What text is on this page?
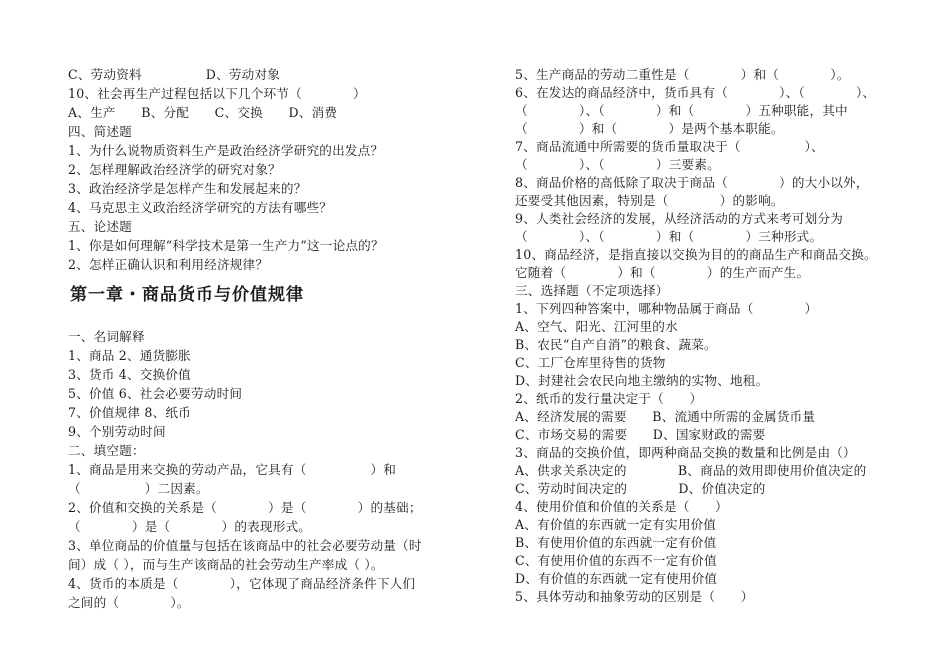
C、劳动资料　　　　　D、劳动对象
10、社会再生产过程包括以下几个环节（　　　　）
A、生产　　B、分配　　C、交换　　D、消费
四、简述题
1、为什么说物质资料生产是政治经济学研究的出发点？
2、怎样理解政治经济学的研究对象？
3、政治经济学是怎样产生和发展起来的？
4、马克思主义政治经济学研究的方法有哪些？
五、论述题
1、你是如何理解“科学技术是第一生产力”这一论点的？
2、怎样正确认识和利用经济规律？
一、名词解释
1、商品 2、通货膨胀
3、货币 4、交换价值
5、价值 6、社会必要劳动时间
7、价值规律 8、纸币
9、个别劳动时间
二、填空题：
1、商品是用来交换的劳动产品，它具有（　　　　　）和
（　　　　　）二因素。
2、价值和交换的关系是（　　　　）是（　　　　）的基础；
（　　　　）是（　　　　）的表现形式。
3、单位商品的价值量与包括在该商品中的社会必要劳动量（时
间）成（ ），而与生产该商品的社会劳动生产率成（ ）。
4、货币的本质是（　　　　），它体现了商品经济条件下人们
之间的（　　　　）。
第一章・商品货币与价值规律
5、生产商品的劳动二重性是（　　　　）和（　　　　）。
6、在发达的商品经济中，货币具有（　　　　）、（　　　　）、
（　　　　）、（　　　　）和（　　　　）五种职能，其中
（　　　　）和（　　　　）是两个基本职能。
7、商品流通中所需要的货币量取决于（　　　　　）、
（　　　　）、（　　　　）三要素。
8、商品价格的高低除了取决于商品（　　　　）的大小以外，
还要受其他因素，特别是（　　　　）的影响。
9、人类社会经济的发展，从经济活动的方式来考可划分为
（　　　　）、（　　　　）和（　　　　）三种形式。
10、商品经济，是指直接以交换为目的的商品生产和商品交换。
它随着（　　　　）和（　　　　）的生产而产生。
三、选择题（不定项选择）
1、下列四种答案中，哪种物品属于商品（　　　　）
A、空气、阳光、江河里的水
B、农民“自产自消”的粮食、蔬菜。
C、工厂仓库里待售的货物
D、封建社会农民向地主缴纳的实物、地租。
2、纸币的发行量决定于（　　）
A、经济发展的需要　　B、流通中所需的金属货币量
C、市场交易的需要　　D、国家财政的需要
3、商品的交换价值，即两种商品交换的数量和比例是由（）
A、供求关系决定的　　　　B、商品的效用即使用价值决定的
C、劳动时间决定的　　　　D、价值决定的
4、使用价值和价值的关系是（　　）
A、有价值的东西就一定有实用价值
B、有使用价值的东西就一定有价值
C、有使用价值的东西不一定有价值
D、有价值的东西就一定有使用价值
5、具体劳动和抽象劳动的区别是（　　）
